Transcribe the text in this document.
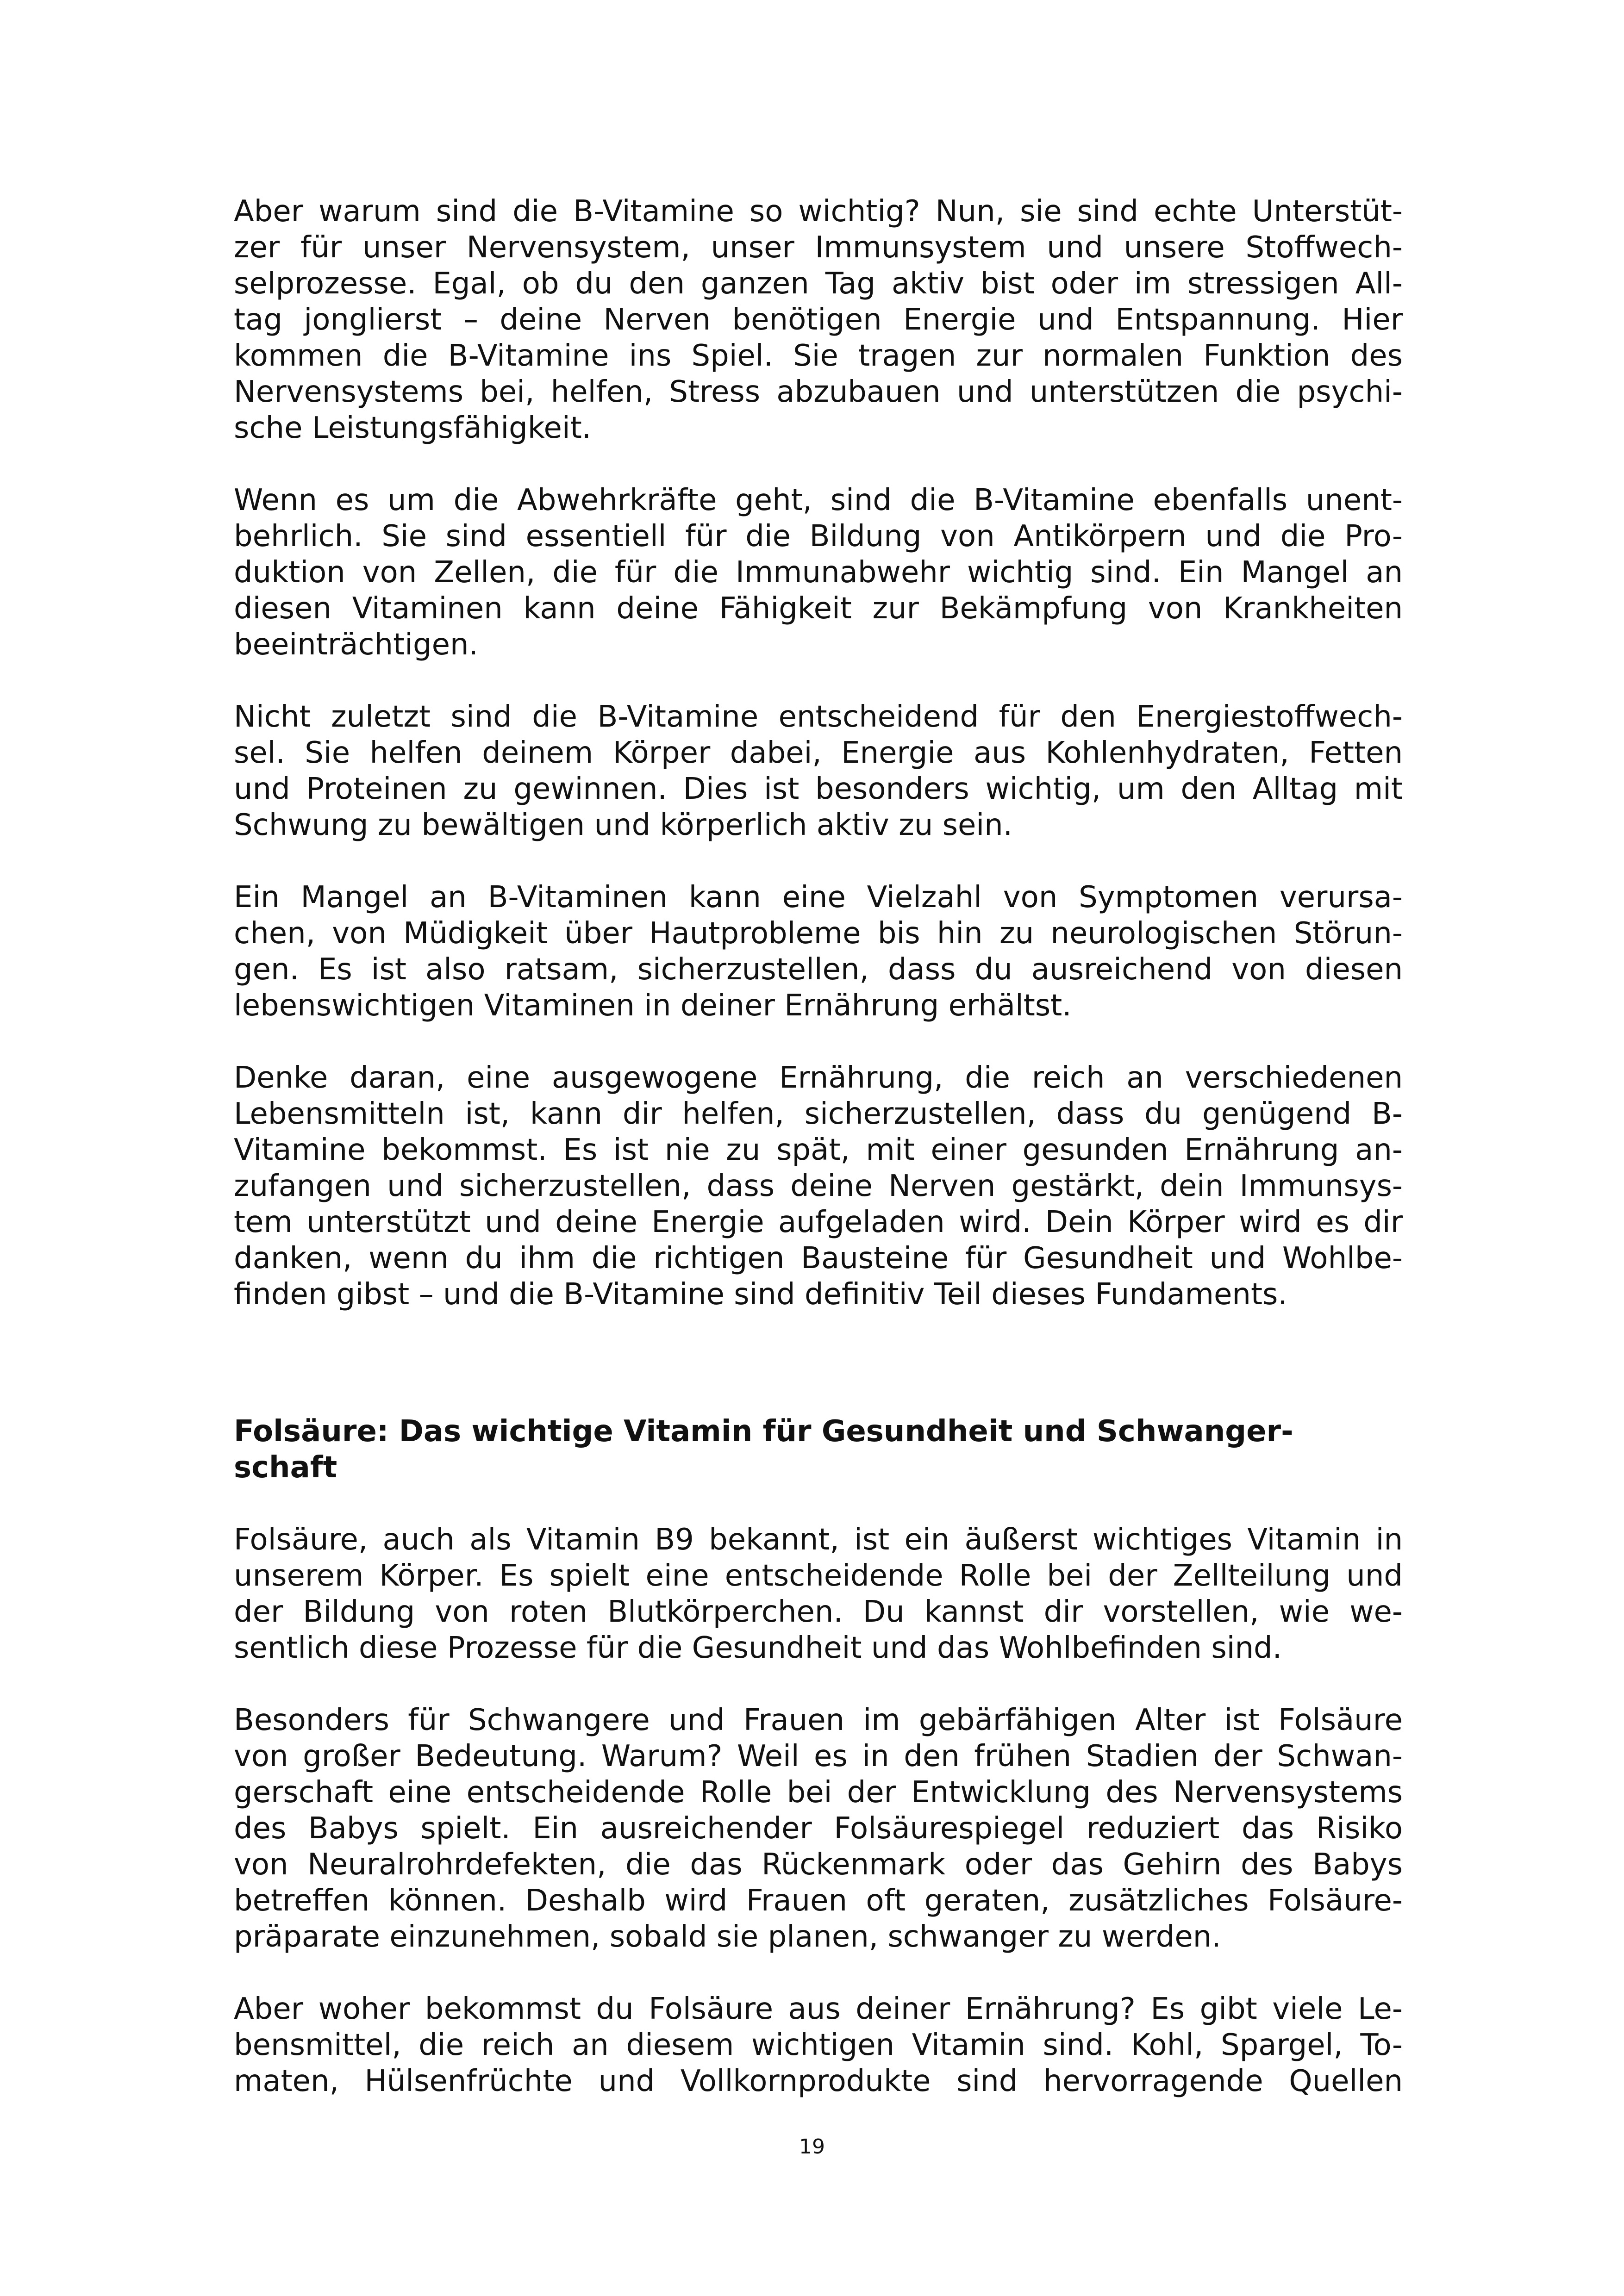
Aber warum sind die B-Vitamine so wichtig? Nun, sie sind echte Unterstüt-
zer für unser Nervensystem, unser Immunsystem und unsere Stoffwech-
selprozesse. Egal, ob du den ganzen Tag aktiv bist oder im stressigen All-
tag jonglierst – deine Nerven benötigen Energie und Entspannung. Hier
kommen die B-Vitamine ins Spiel. Sie tragen zur normalen Funktion des
Nervensystems bei, helfen, Stress abzubauen und unterstützen die psychi-
sche Leistungsfähigkeit.
Wenn es um die Abwehrkräfte geht, sind die B-Vitamine ebenfalls unent-
behrlich. Sie sind essentiell für die Bildung von Antikörpern und die Pro-
duktion von Zellen, die für die Immunabwehr wichtig sind. Ein Mangel an
diesen Vitaminen kann deine Fähigkeit zur Bekämpfung von Krankheiten
beeinträchtigen.
Nicht zuletzt sind die B-Vitamine entscheidend für den Energiestoffwech-
sel. Sie helfen deinem Körper dabei, Energie aus Kohlenhydraten, Fetten
und Proteinen zu gewinnen. Dies ist besonders wichtig, um den Alltag mit
Schwung zu bewältigen und körperlich aktiv zu sein.
Ein Mangel an B-Vitaminen kann eine Vielzahl von Symptomen verursa-
chen, von Müdigkeit über Hautprobleme bis hin zu neurologischen Störun-
gen. Es ist also ratsam, sicherzustellen, dass du ausreichend von diesen
lebenswichtigen Vitaminen in deiner Ernährung erhältst.
Denke daran, eine ausgewogene Ernährung, die reich an verschiedenen
Lebensmitteln ist, kann dir helfen, sicherzustellen, dass du genügend B-
Vitamine bekommst. Es ist nie zu spät, mit einer gesunden Ernährung an-
zufangen und sicherzustellen, dass deine Nerven gestärkt, dein Immunsys-
tem unterstützt und deine Energie aufgeladen wird. Dein Körper wird es dir
danken, wenn du ihm die richtigen Bausteine für Gesundheit und Wohlbe-
finden gibst – und die B-Vitamine sind definitiv Teil dieses Fundaments.
Folsäure: Das wichtige Vitamin für Gesundheit und Schwanger-
schaft
Folsäure, auch als Vitamin B9 bekannt, ist ein äußerst wichtiges Vitamin in
unserem Körper. Es spielt eine entscheidende Rolle bei der Zellteilung und
der Bildung von roten Blutkörperchen. Du kannst dir vorstellen, wie we-
sentlich diese Prozesse für die Gesundheit und das Wohlbefinden sind.
Besonders für Schwangere und Frauen im gebärfähigen Alter ist Folsäure
von großer Bedeutung. Warum? Weil es in den frühen Stadien der Schwan-
gerschaft eine entscheidende Rolle bei der Entwicklung des Nervensystems
des Babys spielt. Ein ausreichender Folsäurespiegel reduziert das Risiko
von Neuralrohrdefekten, die das Rückenmark oder das Gehirn des Babys
betreffen können. Deshalb wird Frauen oft geraten, zusätzliches Folsäure-
präparate einzunehmen, sobald sie planen, schwanger zu werden.
Aber woher bekommst du Folsäure aus deiner Ernährung? Es gibt viele Le-
bensmittel, die reich an diesem wichtigen Vitamin sind. Kohl, Spargel, To-
maten, Hülsenfrüchte und Vollkornprodukte sind hervorragende Quellen
19
